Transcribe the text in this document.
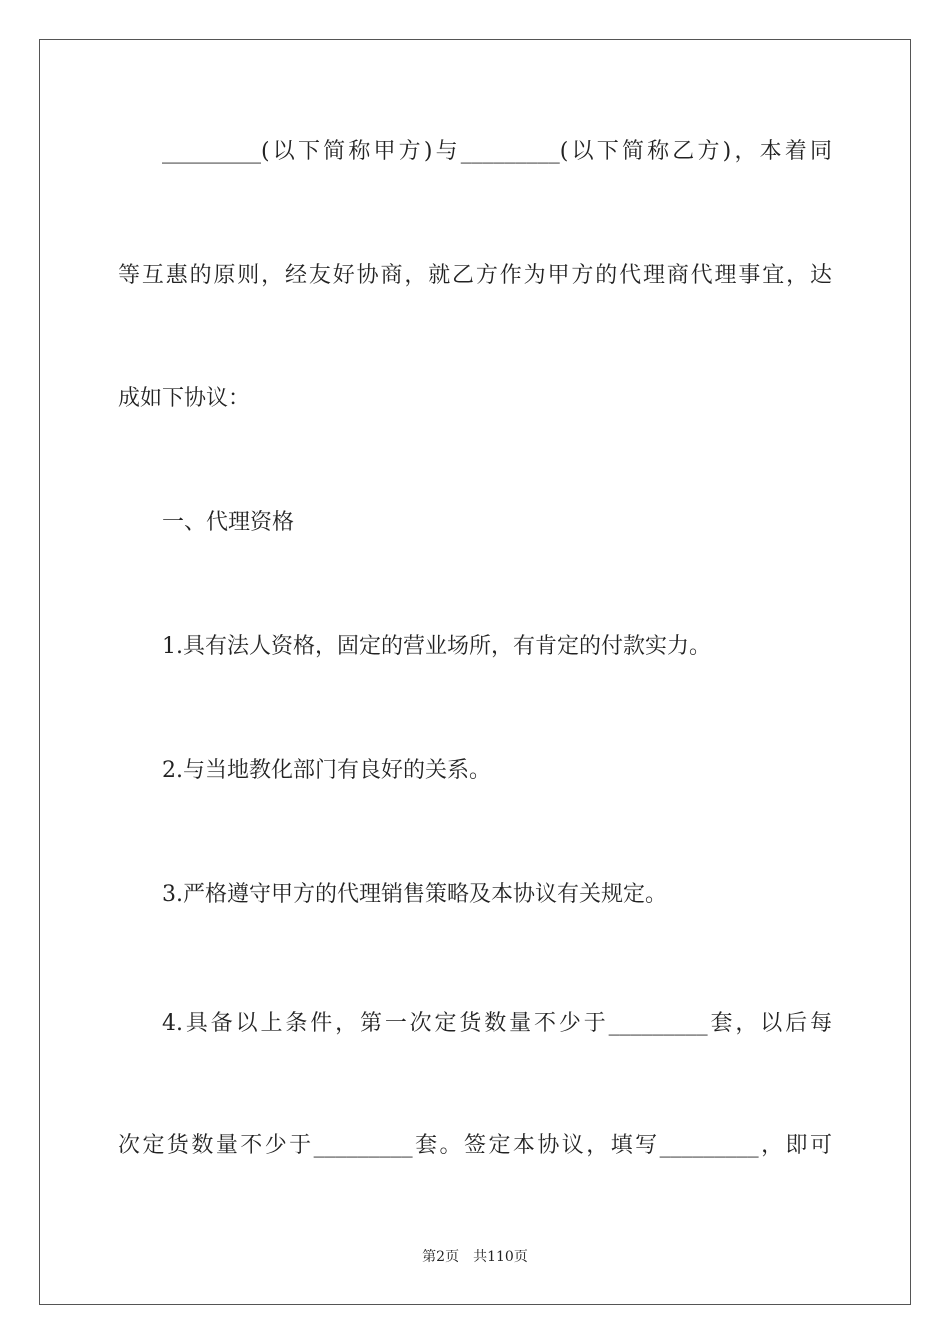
_________(以下简称甲方)与_________(以下简称乙方)，本着同
等互惠的原则，经友好协商，就乙方作为甲方的代理商代理事宜，达
成如下协议：
一、代理资格
1.具有法人资格，固定的营业场所，有肯定的付款实力。
2.与当地教化部门有良好的关系。
3.严格遵守甲方的代理销售策略及本协议有关规定。
4.具备以上条件，第一次定货数量不少于_________套，以后每
次定货数量不少于_________套。签定本协议，填写_________，即可
第2页 共110页
